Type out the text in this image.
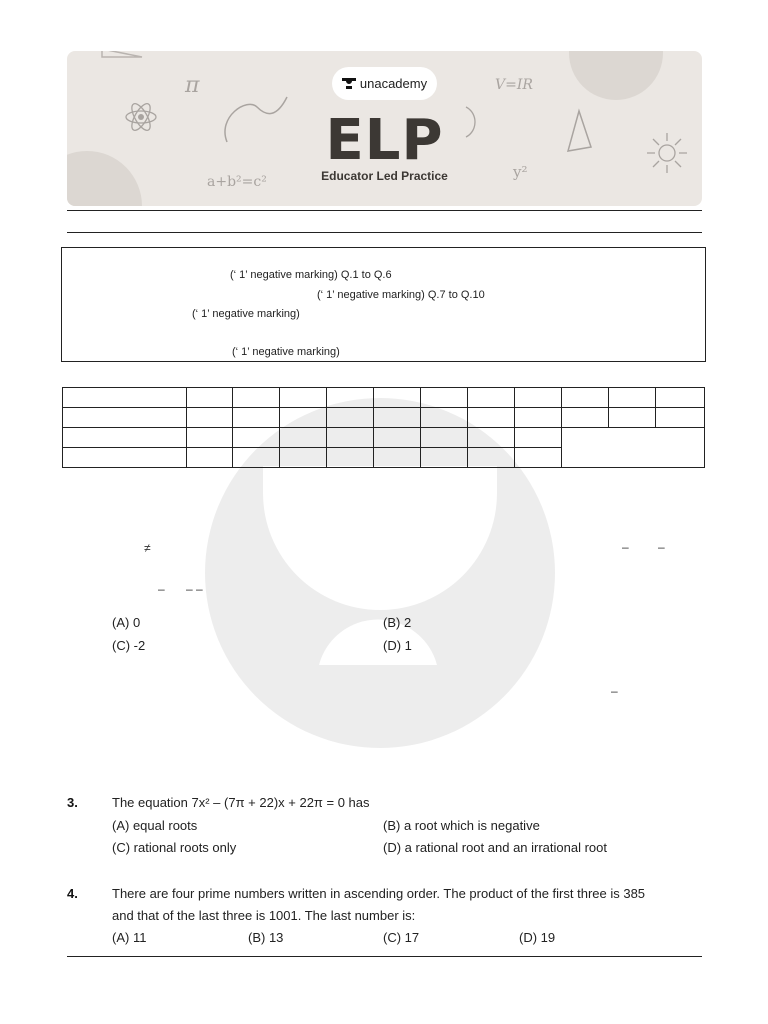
π
a+b²=c²
unacademy
ELP
Educator Led Practice
V=IR
y²
(‘ 1’ negative marking) Q.1 to Q.6
(‘ 1’ negative marking) Q.7 to Q.10
(‘ 1’ negative marking)
(‘ 1’ negative marking)

≠	– –
– – –
–
(A) 0	(B) 2
(C) -2	(D) 1
3.	The equation 7x² – (7π + 22)x + 22π = 0 has
(A) equal roots	(B) a root which is negative
(C) rational roots only	(D) a rational root and an irrational root
4.	There are four prime numbers written in ascending order. The product of the first three is 385
and that of the last three is 1001. The last number is:
(A) 11	(B) 13	(C) 17	(D) 19
